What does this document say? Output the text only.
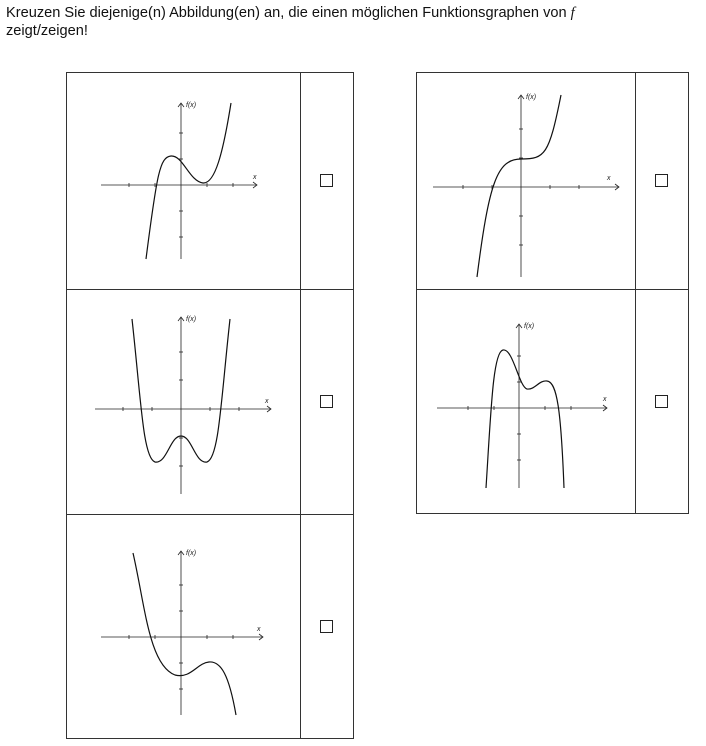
Kreuzen Sie diejenige(n) Abbildung(en) an, die einen möglichen Funktionsgraphen von f
zeigt/zeigen!
f(x)
x
f(x)
x
f(x)
x
f(x)
x
f(x)
x
